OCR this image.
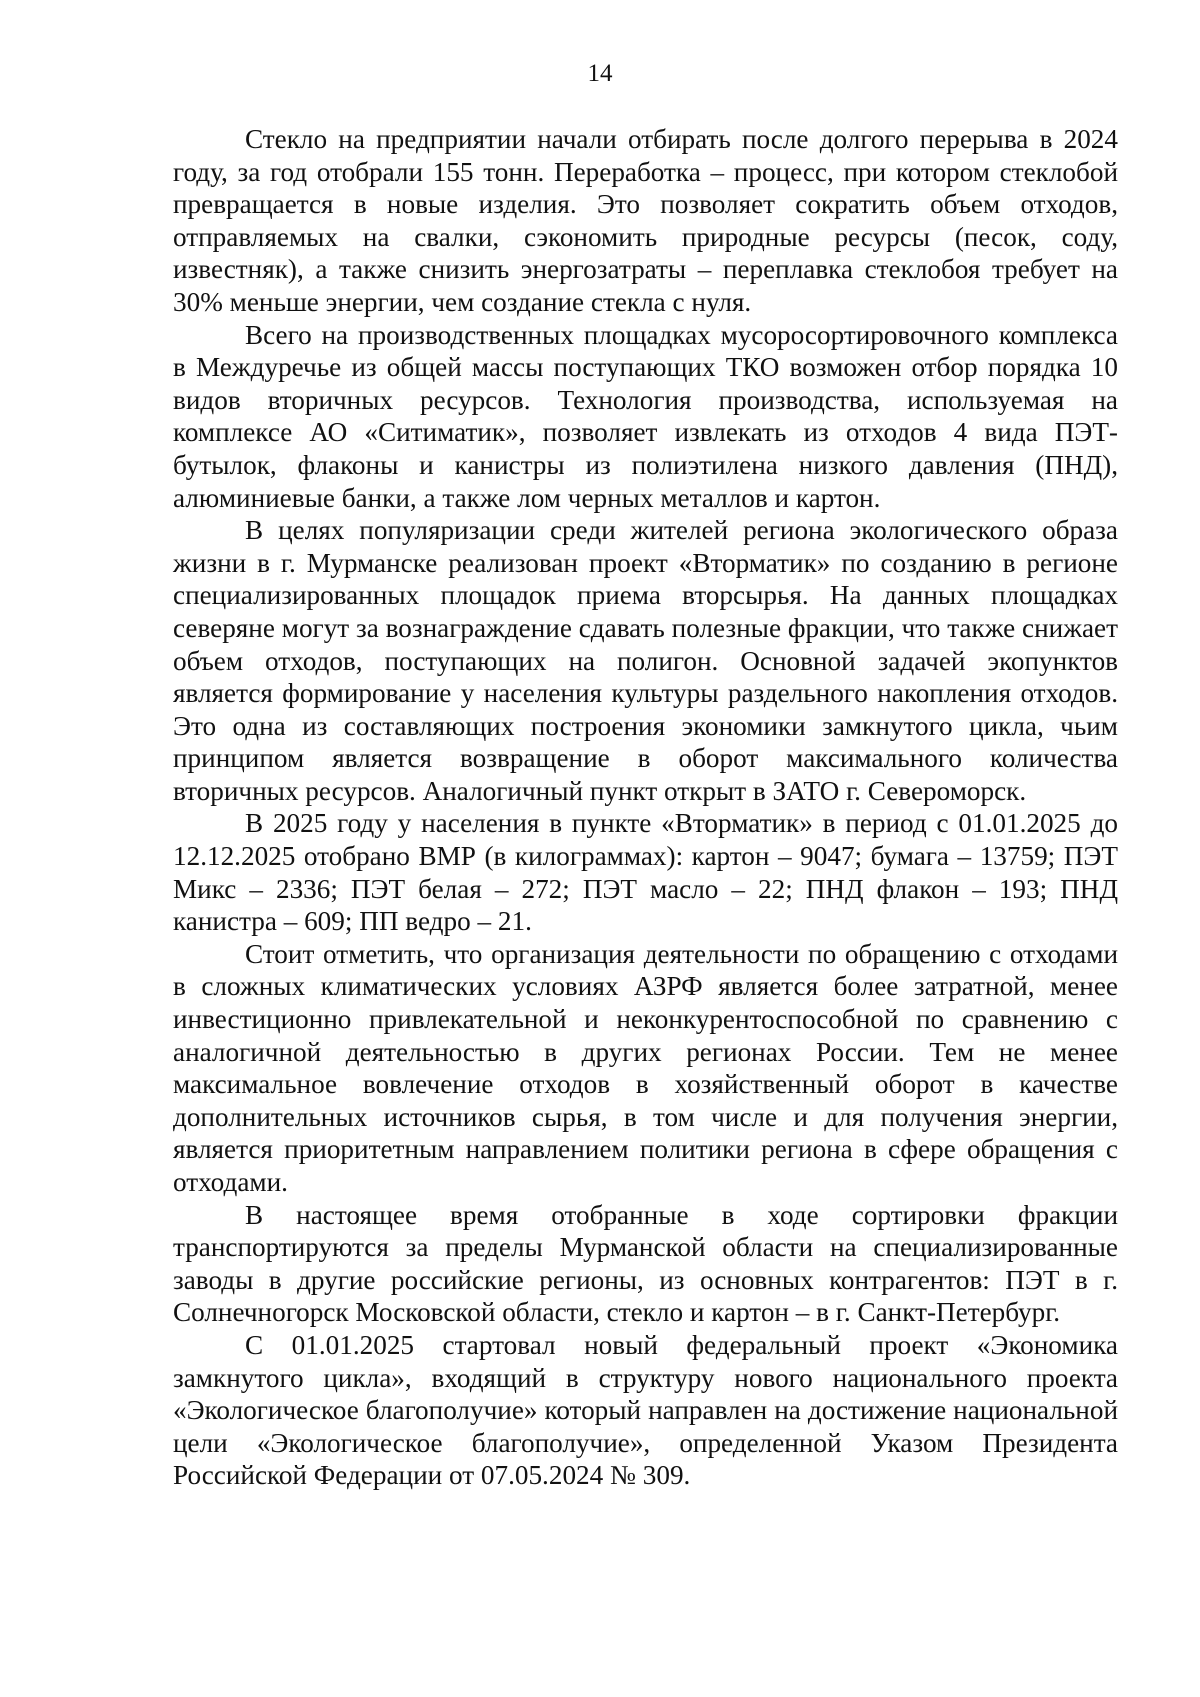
14

Стекло на предприятии начали отбирать после долгого перерыва в 2024 году, за год отобрали 155 тонн. Переработка – процесс, при котором стеклобой превращается в новые изделия. Это позволяет сократить объем отходов, отправляемых на свалки, сэкономить природные ресурсы (песок, соду, известняк), а также снизить энергозатраты – переплавка стеклобоя требует на 30% меньше энергии, чем создание стекла с нуля.

Всего на производственных площадках мусоросортировочного комплекса в Междуречье из общей массы поступающих ТКО возможен отбор порядка 10 видов вторичных ресурсов. Технология производства, используемая на комплексе АО «Ситиматик», позволяет извлекать из отходов 4 вида ПЭТ-бутылок, флаконы и канистры из полиэтилена низкого давления (ПНД), алюминиевые банки, а также лом черных металлов и картон.

В целях популяризации среди жителей региона экологического образа жизни в г. Мурманске реализован проект «Вторматик» по созданию в регионе специализированных площадок приема вторсырья. На данных площадках северяне могут за вознаграждение сдавать полезные фракции, что также снижает объем отходов, поступающих на полигон. Основной задачей экопунктов является формирование у населения культуры раздельного накопления отходов. Это одна из составляющих построения экономики замкнутого цикла, чьим принципом является возвращение в оборот максимального количества вторичных ресурсов. Аналогичный пункт открыт в ЗАТО г. Североморск.

В 2025 году у населения в пункте «Вторматик» в период с 01.01.2025 до 12.12.2025 отобрано ВМР (в килограммах): картон – 9047; бумага – 13759; ПЭТ Микс – 2336; ПЭТ белая – 272; ПЭТ масло – 22; ПНД флакон – 193; ПНД канистра – 609; ПП ведро – 21.

Стоит отметить, что организация деятельности по обращению с отходами в сложных климатических условиях АЗРФ является более затратной, менее инвестиционно привлекательной и неконкурентоспособной по сравнению с аналогичной деятельностью в других регионах России. Тем не менее максимальное вовлечение отходов в хозяйственный оборот в качестве дополнительных источников сырья, в том числе и для получения энергии, является приоритетным направлением политики региона в сфере обращения с отходами.

В настоящее время отобранные в ходе сортировки фракции транспортируются за пределы Мурманской области на специализированные заводы в другие российские регионы, из основных контрагентов: ПЭТ в г. Солнечногорск Московской области, стекло и картон – в г. Санкт-Петербург.

С 01.01.2025 стартовал новый федеральный проект «Экономика замкнутого цикла», входящий в структуру нового национального проекта «Экологическое благополучие» который направлен на достижение национальной цели «Экологическое благополучие», определенной Указом Президента Российской Федерации от 07.05.2024 № 309.
